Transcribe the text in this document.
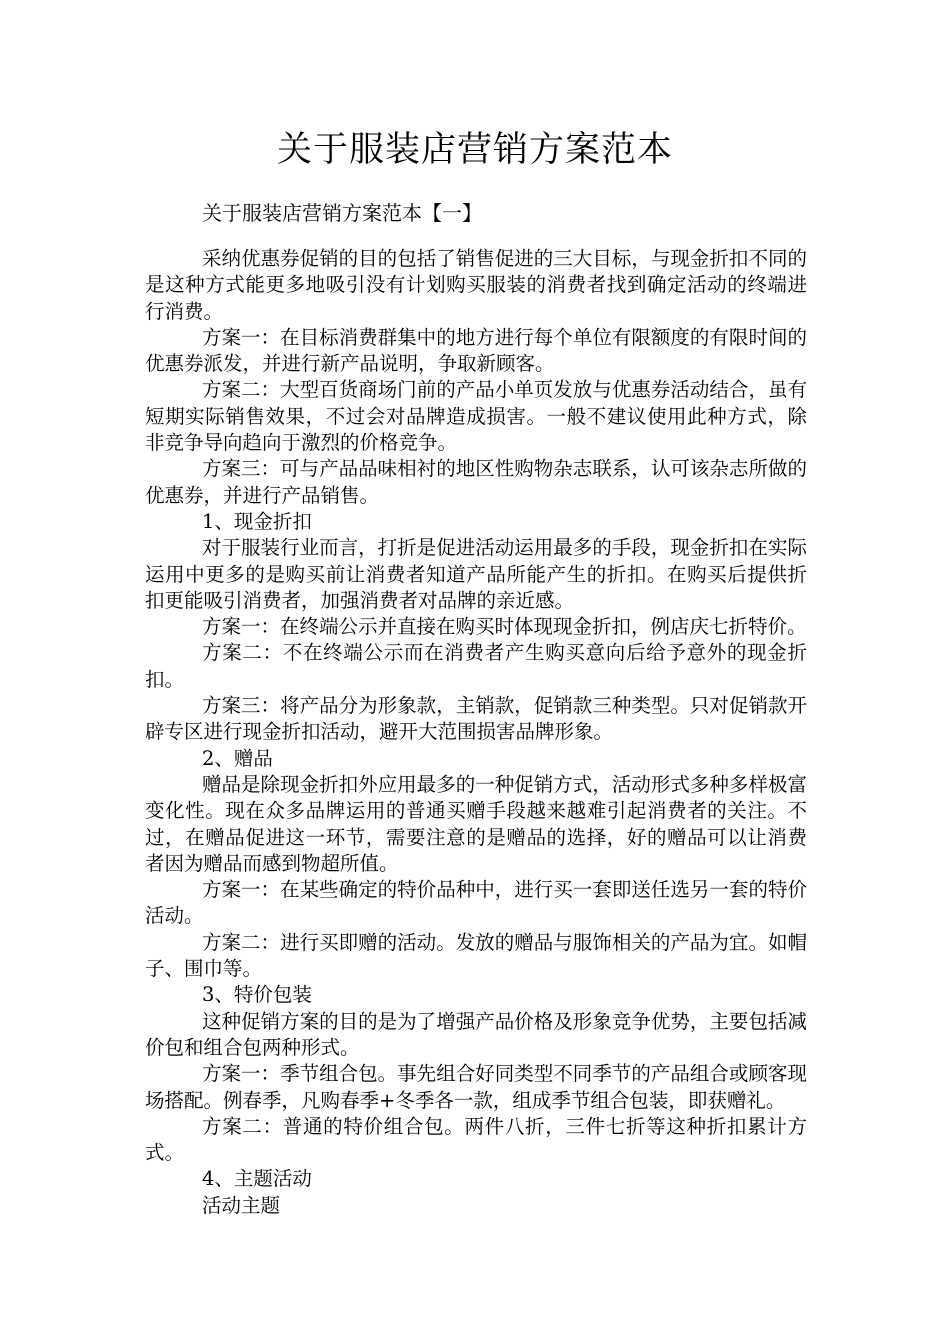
关于服装店营销方案范本

关于服装店营销方案范本【一】

采纳优惠券促销的目的包括了销售促进的三大目标，与现金折扣不同的是这种方式能更多地吸引没有计划购买服装的消费者找到确定活动的终端进行消费。

方案一：在目标消费群集中的地方进行每个单位有限额度的有限时间的优惠券派发，并进行新产品说明，争取新顾客。

方案二：大型百货商场门前的产品小单页发放与优惠券活动结合，虽有短期实际销售效果，不过会对品牌造成损害。一般不建议使用此种方式，除非竞争导向趋向于激烈的价格竞争。

方案三：可与产品品味相衬的地区性购物杂志联系，认可该杂志所做的优惠券，并进行产品销售。

1、现金折扣

对于服装行业而言，打折是促进活动运用最多的手段，现金折扣在实际运用中更多的是购买前让消费者知道产品所能产生的折扣。在购买后提供折扣更能吸引消费者，加强消费者对品牌的亲近感。

方案一：在终端公示并直接在购买时体现现金折扣，例店庆七折特价。

方案二：不在终端公示而在消费者产生购买意向后给予意外的现金折扣。

方案三：将产品分为形象款，主销款，促销款三种类型。只对促销款开辟专区进行现金折扣活动，避开大范围损害品牌形象。

2、赠品

赠品是除现金折扣外应用最多的一种促销方式，活动形式多种多样极富变化性。现在众多品牌运用的普通买赠手段越来越难引起消费者的关注。不过，在赠品促进这一环节，需要注意的是赠品的选择，好的赠品可以让消费者因为赠品而感到物超所值。

方案一：在某些确定的特价品种中，进行买一套即送任选另一套的特价活动。

方案二：进行买即赠的活动。发放的赠品与服饰相关的产品为宜。如帽子、围巾等。

3、特价包装

这种促销方案的目的是为了增强产品价格及形象竞争优势，主要包括减价包和组合包两种形式。

方案一：季节组合包。事先组合好同类型不同季节的产品组合或顾客现场搭配。例春季，凡购春季+冬季各一款，组成季节组合包装，即获赠礼。

方案二：普通的特价组合包。两件八折，三件七折等这种折扣累计方式。

4、主题活动

活动主题
